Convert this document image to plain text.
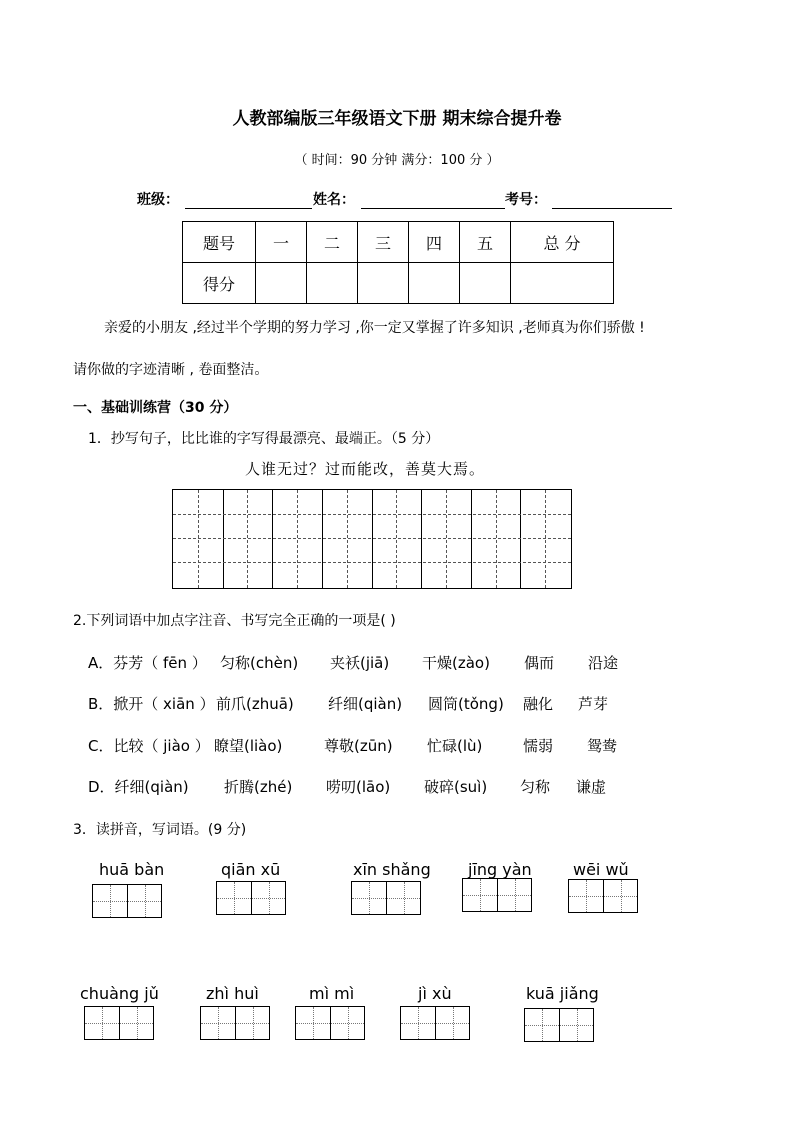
人教部编版三年级语文下册 期末综合提升卷
（ 时间：90 分钟 满分：100 分 ）
班级：	姓名：	考号：
题号	一	二	三	四	五	总 分
得分						
亲爱的小朋友 ,经过半个学期的努力学习 ,你一定又掌握了许多知识 ,老师真为你们骄傲 !
请你做的字迹清晰 , 卷面整洁。
一、基础训练营（30 分）
1．抄写句子，比比谁的字写得最漂亮、最端正。（5 分）
人谁无过？过而能改，善莫大焉。
2.下列词语中加点字注音、书写完全正确的一项是( )
A．芬芳（ fēn ） 匀称(chèn) 夹袄(jiā) 干燥(zào) 偶而 沿途
B．掀开（ xiān ） 前爪(zhuā) 纤细(qiàn) 圆筒(tǒng) 融化 芦芽
C．比较（ jiào ） 瞭望(liào)	尊敬(zūn) 忙碌(lù)	懦弱 鸳鸯
D．纤细(qiàn) 折腾(zhé) 唠叨(lāo) 破碎(suì) 匀称 谦虚
3．读拼音，写词语。(9 分)
huā bàn	qiān xū	xīn shǎng jīng yàn	wēi wǔ
chuàng jǔ	zhì huì	mì mì	jì xù	kuā jiǎng
